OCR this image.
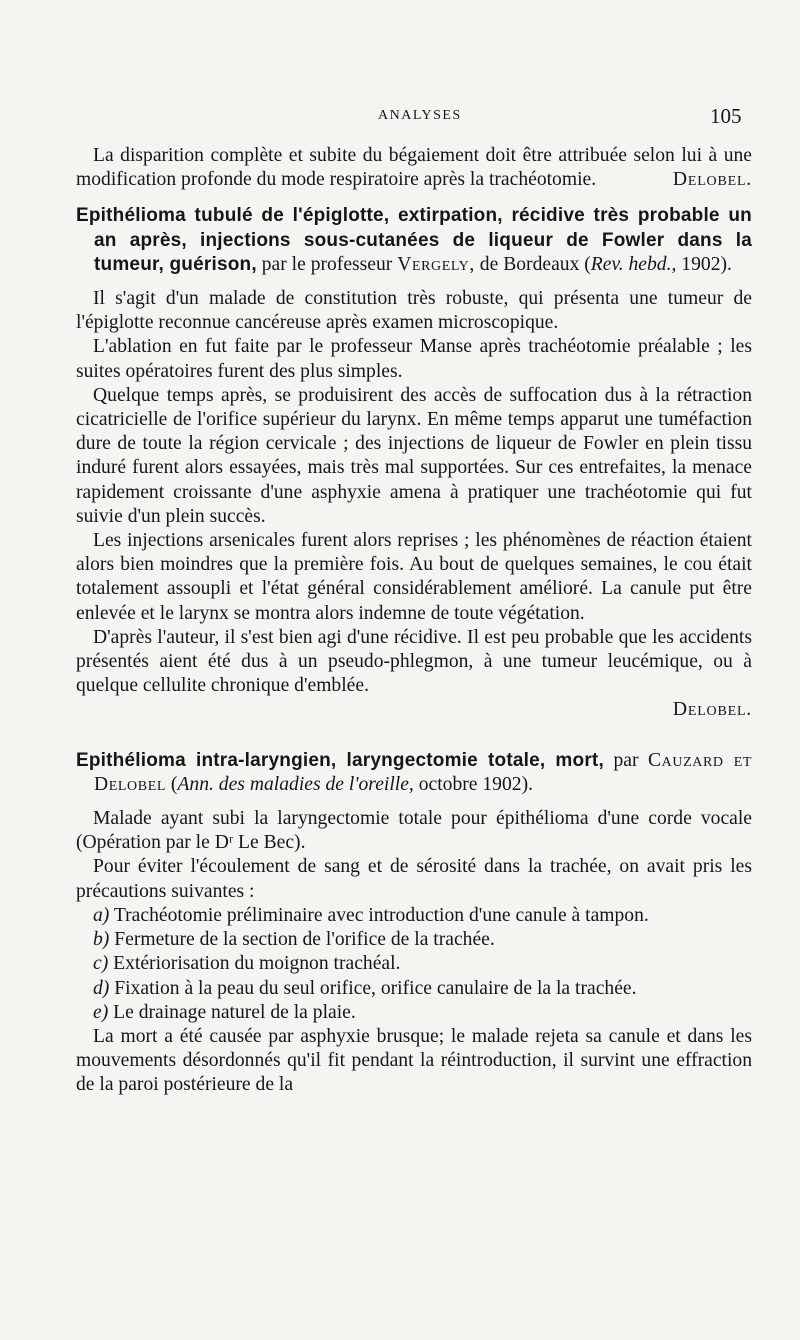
ANALYSES	105

La disparition complète et subite du bégaiement doit être attribuée selon lui à une modification profonde du mode respiratoire après la trachéotomie.	Delobel.

Epithélioma tubulé de l'épiglotte, extirpation, récidive très probable un an après, injections sous-cutanées de liqueur de Fowler dans la tumeur, guérison, par le professeur Vergely, de Bordeaux (Rev. hebd., 1902).

Il s'agit d'un malade de constitution très robuste, qui présenta une tumeur de l'épiglotte reconnue cancéreuse après examen microscopique.

L'ablation en fut faite par le professeur Manse après trachéotomie préalable ; les suites opératoires furent des plus simples.

Quelque temps après, se produisirent des accès de suffocation dus à la rétraction cicatricielle de l'orifice supérieur du larynx. En même temps apparut une tuméfaction dure de toute la région cervicale ; des injections de liqueur de Fowler en plein tissu induré furent alors essayées, mais très mal supportées. Sur ces entrefaites, la menace rapidement croissante d'une asphyxie amena à pratiquer une trachéotomie qui fut suivie d'un plein succès.

Les injections arsenicales furent alors reprises ; les phénomènes de réaction étaient alors bien moindres que la première fois. Au bout de quelques semaines, le cou était totalement assoupli et l'état général considérablement amélioré. La canule put être enlevée et le larynx se montra alors indemne de toute végétation.

D'après l'auteur, il s'est bien agi d'une récidive. Il est peu probable que les accidents présentés aient été dus à un pseudo-phlegmon, à une tumeur leucémique, ou à quelque cellulite chronique d'emblée.

Delobel.

Epithélioma intra-laryngien, laryngectomie totale, mort, par Cauzard et Delobel (Ann. des maladies de l'oreille, octobre 1902).

Malade ayant subi la laryngectomie totale pour épithélioma d'une corde vocale (Opération par le Dʳ Le Bec).

Pour éviter l'écoulement de sang et de sérosité dans la trachée, on avait pris les précautions suivantes :

a) Trachéotomie préliminaire avec introduction d'une canule à tampon.

b) Fermeture de la section de l'orifice de la trachée.

c) Extériorisation du moignon trachéal.

d) Fixation à la peau du seul orifice, orifice canulaire de la la trachée.

e) Le drainage naturel de la plaie.

La mort a été causée par asphyxie brusque; le malade rejeta sa canule et dans les mouvements désordonnés qu'il fit pendant la réintroduction, il survint une effraction de la paroi postérieure de la
